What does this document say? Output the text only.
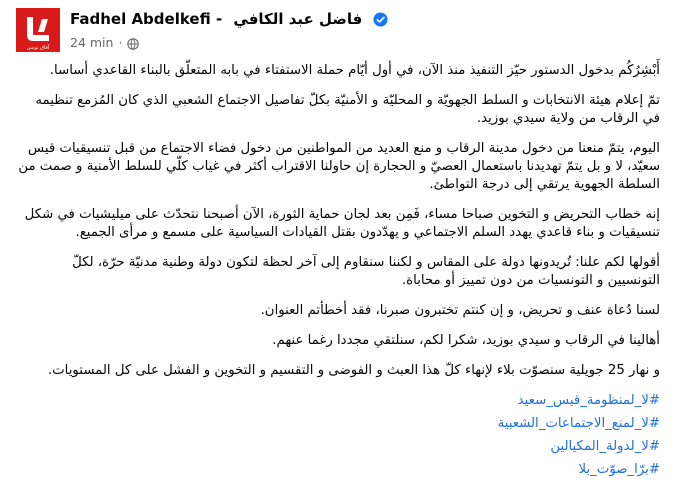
آفاق تونس
Fadhel Abdelkefi - فاضل عبد الكافي
24 min ·

أَبْشِرُكُم بدخول الدستور حيّز التنفيذ منذ الآن، في أول أيّام حملة الاستفتاء في بابه المتعلّق بالبناء القاعدي أساسا.

تمّ إعلام هيئة الانتخابات و السلط الجهويّة و المحليّة و الأمنيّة بكلّ تفاصيل الاجتماع الشعبي الذي كان المُزمع تنظيمه في الرقاب من ولاية سيدي بوزيد.

اليوم، يتمّ منعنا من دخول مدينة الرقاب و منع العديد من المواطنين من دخول فضاء الاجتماع من قبل تنسيقيات قيس سعيّد، لا و بل يتمّ تهديدنا باستعمال العصيّ و الحجارة إن حاولنا الاقتراب أكثر في غياب كلّي للسلط الأمنية و صمت من السلطة الجهوية يرتقي إلى درجة التواطئ.

إنه خطاب التحريض و التخوين صباحا مساء، فَمِن بعد لجان حماية الثورة، الآن أصبحنا نتحدّث على ميليشيات في شكل تنسيقيات و بناء قاعدي يهدد السلم الاجتماعي و يهدّدون بقتل القيادات السياسية على مسمع و مرأى الجميع.

أقولها لكم علنا: تُريدونها دولة على المقاس و لكننا سنقاوم إلى آخر لحظة لتكون دولة وطنية مدنيّة حرّة، لكلّ التونسيين و التونسيات من دون تمييز أو محاباة.

لسنا دُعاة عنف و تحريض، و إن كنتم تختبرون صبرنا، فقد أخطأتم العنوان.

أهالينا في الرقاب و سيدي بوزيد، شكرا لكم، سنلتقي مجددا رغما عنهم.

و نهار 25 جويلية سنصوّت بلاء لإنهاء كلّ هذا العبث و الفوضى و التقسيم و التخوين و الفشل على كل المستويات.

#لا_لمنظومة_قيس_سعيد
#لا_لمنع_الاجتماعات_الشعبية
#لا_لدولة_المكيالين
#برّا_صوّت_بلا
